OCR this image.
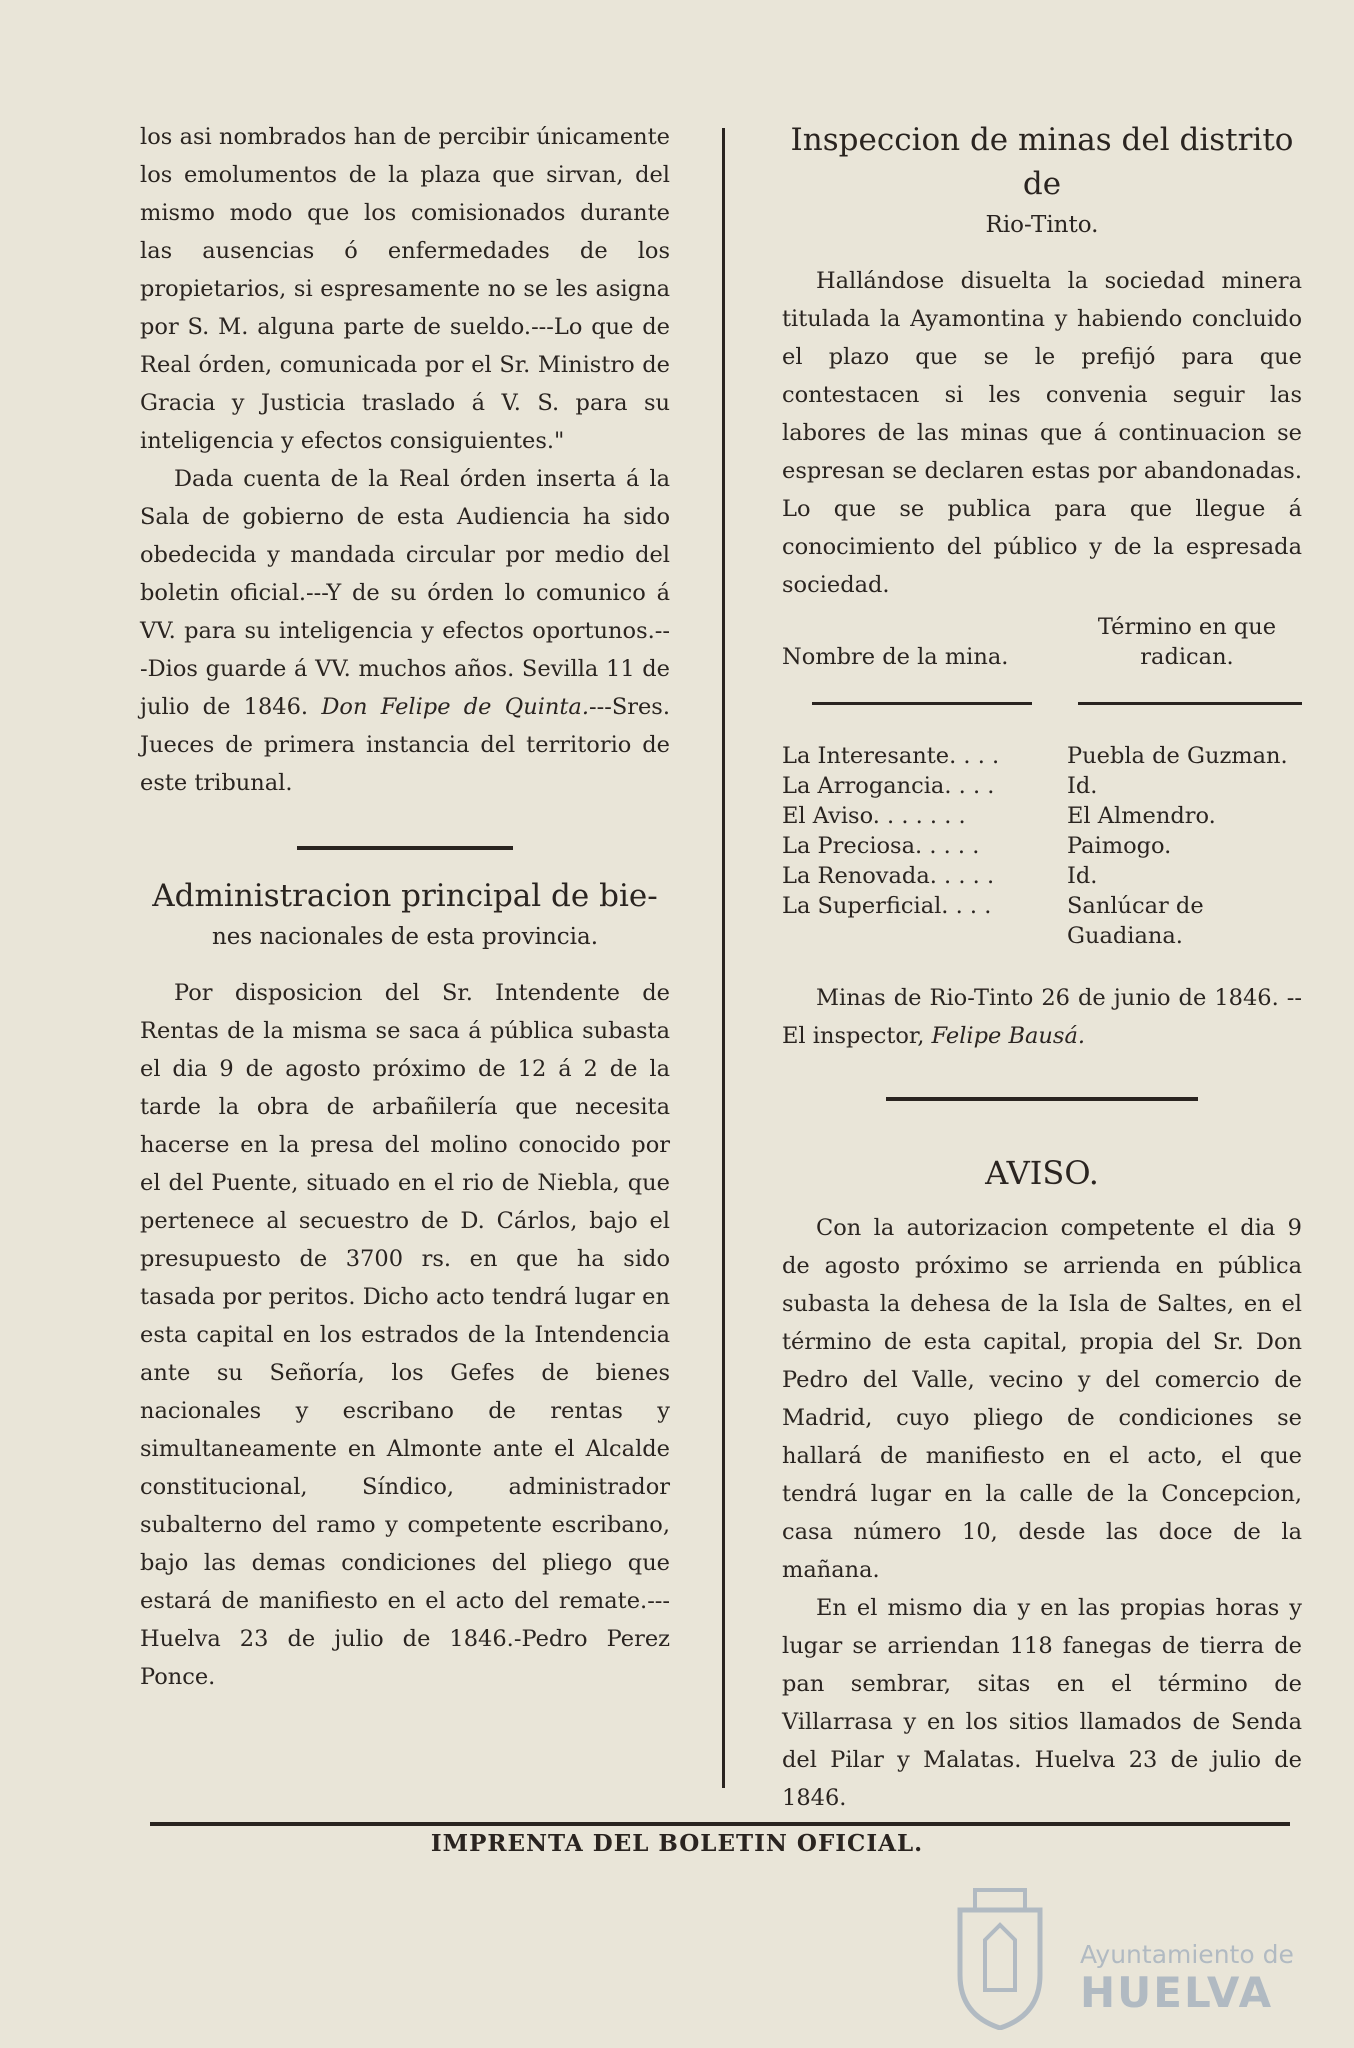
los asi nombrados han de percibir únicamente los emolumentos de la plaza que sirvan, del mismo modo que los comisionados durante las ausencias ó enfermedades de los propietarios, si espresamente no se les asigna por S. M. alguna parte de sueldo.---Lo que de Real órden, comunicada por el Sr. Ministro de Gracia y Justicia traslado á V. S. para su inteligencia y efectos consiguientes."

Dada cuenta de la Real órden inserta á la Sala de gobierno de esta Audiencia ha sido obedecida y mandada circular por medio del boletin oficial.---Y de su órden lo comunico á VV. para su inteligencia y efectos oportunos.---Dios guarde á VV. muchos años. Sevilla 11 de julio de 1846. Don Felipe de Quinta.---Sres. Jueces de primera instancia del territorio de este tribunal.

Administracion principal de bie-
nes nacionales de esta provincia.

Por disposicion del Sr. Intendente de Rentas de la misma se saca á pública subasta el dia 9 de agosto próximo de 12 á 2 de la tarde la obra de arbañilería que necesita hacerse en la presa del molino conocido por el del Puente, situado en el rio de Niebla, que pertenece al secuestro de D. Cárlos, bajo el presupuesto de 3700 rs. en que ha sido tasada por peritos. Dicho acto tendrá lugar en esta capital en los estrados de la Intendencia ante su Señoría, los Gefes de bienes nacionales y escribano de rentas y simultaneamente en Almonte ante el Alcalde constitucional, Síndico, administrador subalterno del ramo y competente escribano, bajo las demas condiciones del pliego que estará de manifiesto en el acto del remate.---Huelva 23 de julio de 1846.-Pedro Perez Ponce.

Inspeccion de minas del distrito de
Rio-Tinto.

Hallándose disuelta la sociedad minera titulada la Ayamontina y habiendo concluido el plazo que se le prefijó para que contestacen si les convenia seguir las labores de las minas que á continuacion se espresan se declaren estas por abandonadas. Lo que se publica para que llegue á conocimiento del público y de la espresada sociedad.

Nombre de la mina.
Término en que radican.
La Interesante. . . .	Puebla de Guzman.
La Arrogancia. . . .	Id.
El Aviso. . . . . . .	El Almendro.
La Preciosa. . . . .	Paimogo.
La Renovada. . . . .	Id.
La Superficial. . . .	Sanlúcar de Guadiana.

Minas de Rio-Tinto 26 de junio de 1846. --El inspector, Felipe Bausá.

AVISO.

Con la autorizacion competente el dia 9 de agosto próximo se arrienda en pública subasta la dehesa de la Isla de Saltes, en el término de esta capital, propia del Sr. Don Pedro del Valle, vecino y del comercio de Madrid, cuyo pliego de condiciones se hallará de manifiesto en el acto, el que tendrá lugar en la calle de la Concepcion, casa número 10, desde las doce de la mañana.

En el mismo dia y en las propias horas y lugar se arriendan 118 fanegas de tierra de pan sembrar, sitas en el término de Villarrasa y en los sitios llamados de Senda del Pilar y Malatas. Huelva 23 de julio de 1846.

IMPRENTA DEL BOLETIN OFICIAL.
Ayuntamiento de
HUELVA
